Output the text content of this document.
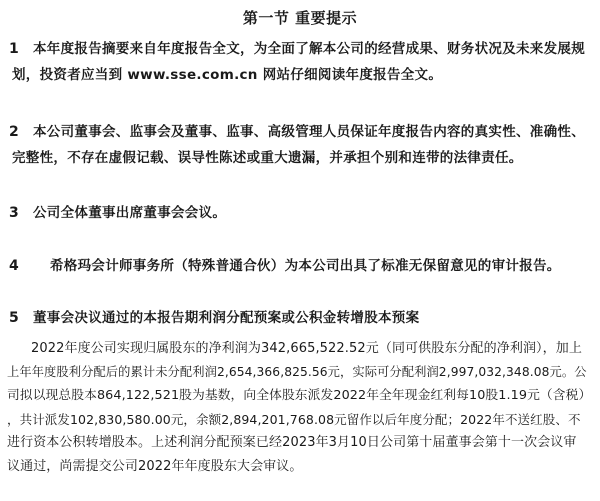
第一节 重要提示
1 本年度报告摘要来自年度报告全文，为全面了解本公司的经营成果、财务状况及未来发展规
划，投资者应当到 www.sse.com.cn 网站仔细阅读年度报告全文。
2 本公司董事会、监事会及董事、监事、高级管理人员保证年度报告内容的真实性、准确性、
完整性，不存在虚假记载、误导性陈述或重大遗漏，并承担个别和连带的法律责任。
3 公司全体董事出席董事会会议。
4 希格玛会计师事务所（特殊普通合伙）为本公司出具了标准无保留意见的审计报告。
5 董事会决议通过的本报告期利润分配预案或公积金转增股本预案
2022年度公司实现归属股东的净利润为342,665,522.52元（同可供股东分配的净利润），加上
上年年度股利分配后的累计未分配利润2,654,366,825.56元，实际可分配利润2,997,032,348.08元。公
司拟以现总股本864,122,521股为基数，向全体股东派发2022年全年现金红利每10股1.19元（含税）
，共计派发102,830,580.00元，余额2,894,201,768.08元留作以后年度分配；2022年不送红股、不
进行资本公积转增股本。上述利润分配预案已经2023年3月10日公司第十届董事会第十一次会议审
议通过，尚需提交公司2022年年度股东大会审议。
